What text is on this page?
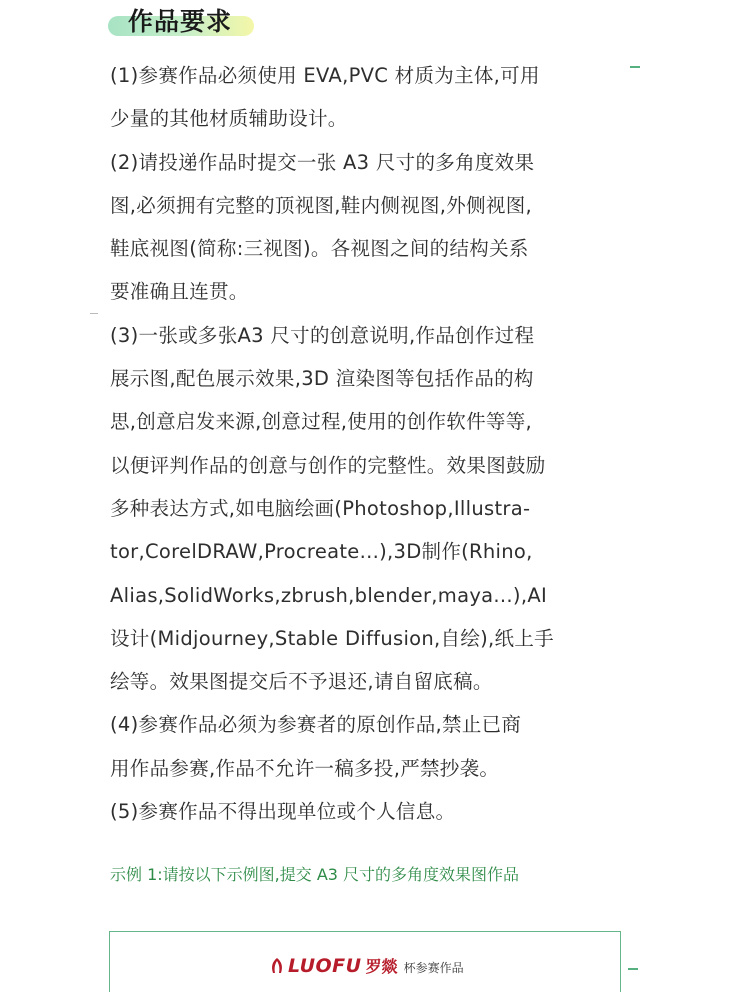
作品要求

(1)参赛作品必须使用 EVA,PVC 材质为主体,可用

少量的其他材质辅助设计。

(2)请投递作品时提交一张 A3 尺寸的多角度效果

图,必须拥有完整的顶视图,鞋内侧视图,外侧视图,

鞋底视图(简称:三视图)。各视图之间的结构关系

要准确且连贯。

(3)一张或多张A3 尺寸的创意说明,作品创作过程

展示图,配色展示效果,3D 渲染图等包括作品的构

思,创意启发来源,创意过程,使用的创作软件等等,

以便评判作品的创意与创作的完整性。效果图鼓励

多种表达方式,如电脑绘画(Photoshop,Illustra-

tor,CorelDRAW,Procreate...),3D制作(Rhino,

Alias,SolidWorks,zbrush,blender,maya...),AI

设计(Midjourney,Stable Diffusion,自绘),纸上手

绘等。效果图提交后不予退还,请自留底稿。

(4)参赛作品必须为参赛者的原创作品,禁止已商

用作品参赛,作品不允许一稿多投,严禁抄袭。

(5)参赛作品不得出现单位或个人信息。

示例 1:请按以下示例图,提交 A3 尺寸的多角度效果图作品
LUOFU 罗燚 杯参赛作品
